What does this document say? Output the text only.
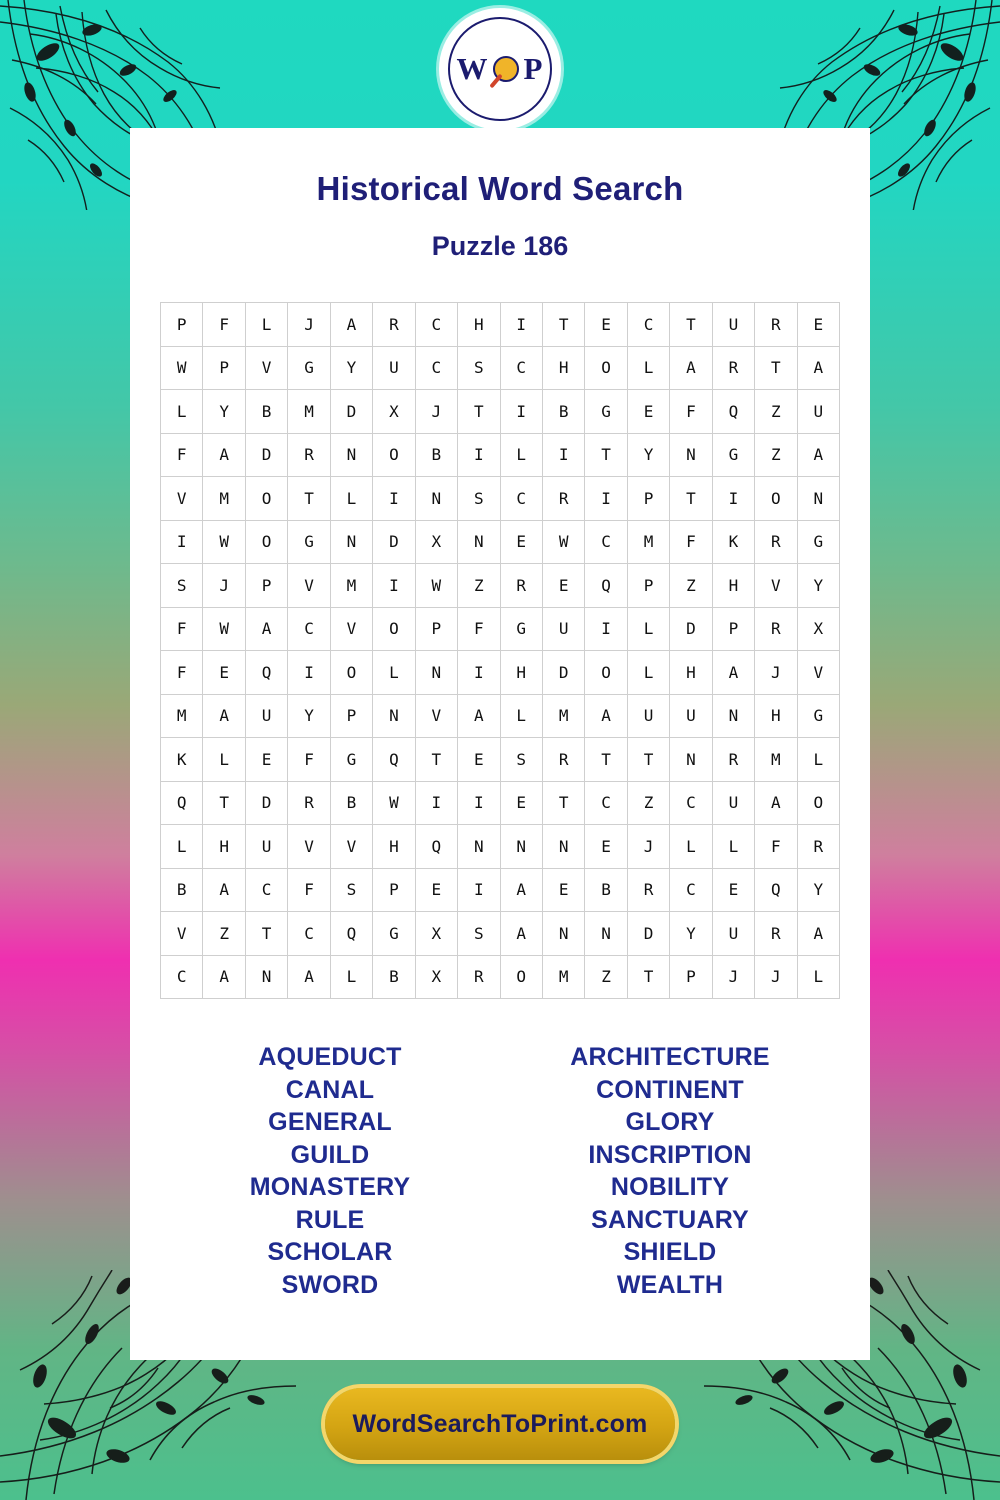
W P
Historical Word Search
Puzzle 186
P	F	L	J	A	R	C	H	I	T	E	C	T	U	R	E
W	P	V	G	Y	U	C	S	C	H	O	L	A	R	T	A
L	Y	B	M	D	X	J	T	I	B	G	E	F	Q	Z	U
F	A	D	R	N	O	B	I	L	I	T	Y	N	G	Z	A
V	M	O	T	L	I	N	S	C	R	I	P	T	I	O	N
I	W	O	G	N	D	X	N	E	W	C	M	F	K	R	G
S	J	P	V	M	I	W	Z	R	E	Q	P	Z	H	V	Y
F	W	A	C	V	O	P	F	G	U	I	L	D	P	R	X
F	E	Q	I	O	L	N	I	H	D	O	L	H	A	J	V
M	A	U	Y	P	N	V	A	L	M	A	U	U	N	H	G
K	L	E	F	G	Q	T	E	S	R	T	T	N	R	M	L
Q	T	D	R	B	W	I	I	E	T	C	Z	C	U	A	O
L	H	U	V	V	H	Q	N	N	N	E	J	L	L	F	R
B	A	C	F	S	P	E	I	A	E	B	R	C	E	Q	Y
V	Z	T	C	Q	G	X	S	A	N	N	D	Y	U	R	A
C	A	N	A	L	B	X	R	O	M	Z	T	P	J	J	L
AQUEDUCT
CANAL
GENERAL
GUILD
MONASTERY
RULE
SCHOLAR
SWORD
ARCHITECTURE
CONTINENT
GLORY
INSCRIPTION
NOBILITY
SANCTUARY
SHIELD
WEALTH
WordSearchToPrint.com
